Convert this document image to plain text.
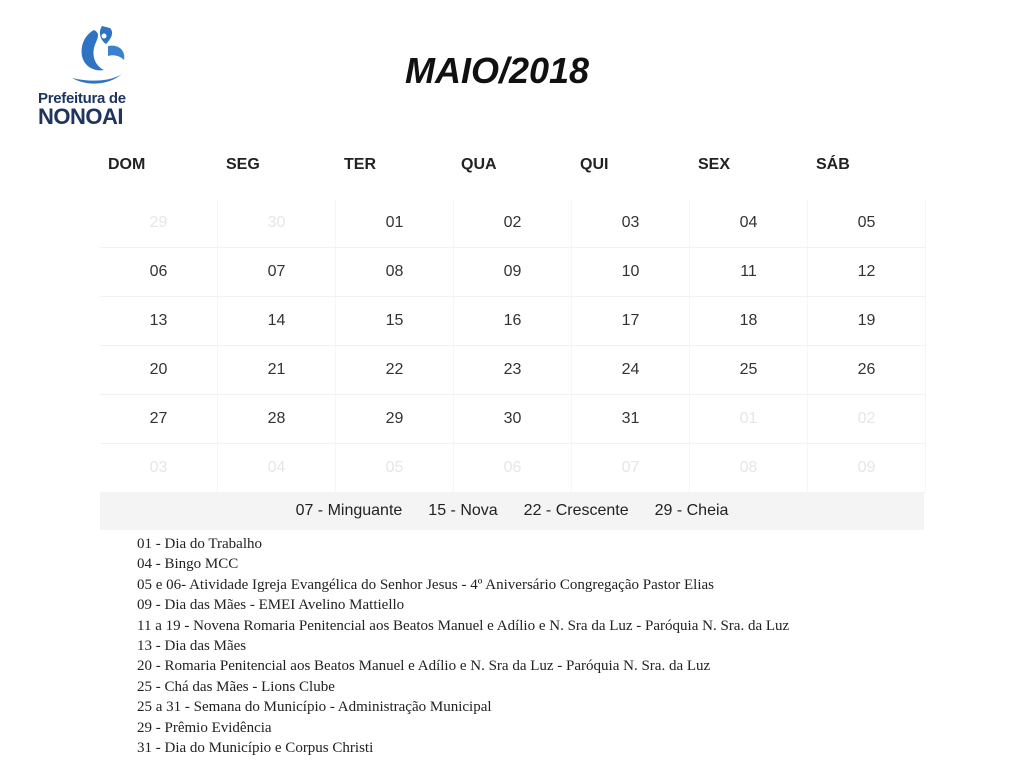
Prefeitura de
NONOAI
MAIO/2018
DOM	SEG	TER	QUA	QUI	SEX	SÁB
29	30	01	02	03	04	05
06	07	08	09	10	11	12
13	14	15	16	17	18	19
20	21	22	23	24	25	26
27	28	29	30	31	01	02
03	04	05	06	07	08	09
07 - Minguante 15 - Nova 22 - Crescente 29 - Cheia
01 - Dia do Trabalho
04 - Bingo MCC
05 e 06- Atividade Igreja Evangélica do Senhor Jesus - 4º Aniversário Congregação Pastor Elias
09 - Dia das Mães - EMEI Avelino Mattiello
11 a 19 - Novena Romaria Penitencial aos Beatos Manuel e Adílio e N. Sra da Luz - Paróquia N. Sra. da Luz
13 - Dia das Mães
20 - Romaria Penitencial aos Beatos Manuel e Adílio e N. Sra da Luz - Paróquia N. Sra. da Luz
25 - Chá das Mães - Lions Clube
25 a 31 - Semana do Município - Administração Municipal
29 - Prêmio Evidência
31 - Dia do Município e Corpus Christi
